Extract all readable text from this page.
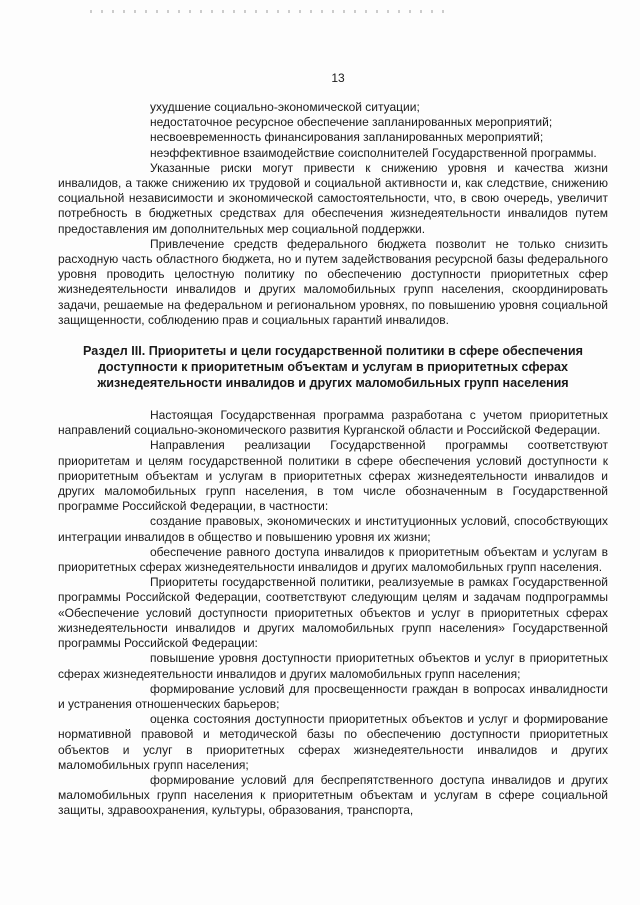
13

ухудшение социально-экономической ситуации;

недостаточное ресурсное обеспечение запланированных мероприятий;

несвоевременность финансирования запланированных мероприятий;

неэффективное взаимодействие соисполнителей Государственной программы.

Указанные риски могут привести к снижению уровня и качества жизни инвалидов, а также снижению их трудовой и социальной активности и, как следствие, снижению социальной независимости и экономической самостоятельности, что, в свою очередь, увеличит потребность в бюджетных средствах для обеспечения жизнедеятельности инвалидов путем предоставления им дополнительных мер социальной поддержки.

Привлечение средств федерального бюджета позволит не только снизить расходную часть областного бюджета, но и путем задействования ресурсной базы федерального уровня проводить целостную политику по обеспечению доступности приоритетных сфер жизнедеятельности инвалидов и других маломобильных групп населения, скоординировать задачи, решаемые на федеральном и региональном уровнях, по повышению уровня социальной защищенности, соблюдению прав и социальных гарантий инвалидов.

Раздел III. Приоритеты и цели государственной политики в сфере обеспечения доступности к приоритетным объектам и услугам в приоритетных сферах жизнедеятельности инвалидов и других маломобильных групп населения

Настоящая Государственная программа разработана с учетом приоритетных направлений социально-экономического развития Курганской области и Российской Федерации.

Направления реализации Государственной программы соответствуют приоритетам и целям государственной политики в сфере обеспечения условий доступности к приоритетным объектам и услугам в приоритетных сферах жизнедеятельности инвалидов и других маломобильных групп населения, в том числе обозначенным в Государственной программе Российской Федерации, в частности:

создание правовых, экономических и институционных условий, способствующих интеграции инвалидов в общество и повышению уровня их жизни;

обеспечение равного доступа инвалидов к приоритетным объектам и услугам в приоритетных сферах жизнедеятельности инвалидов и других маломобильных групп населения.

Приоритеты государственной политики, реализуемые в рамках Государственной программы Российской Федерации, соответствуют следующим целям и задачам подпрограммы «Обеспечение условий доступности приоритетных объектов и услуг в приоритетных сферах жизнедеятельности инвалидов и других маломобильных групп населения» Государственной программы Российской Федерации:

повышение уровня доступности приоритетных объектов и услуг в приоритетных сферах жизнедеятельности инвалидов и других маломобильных групп населения;

формирование условий для просвещенности граждан в вопросах инвалидности и устранения отношенческих барьеров;

оценка состояния доступности приоритетных объектов и услуг и формирование нормативной правовой и методической базы по обеспечению доступности приоритетных объектов и услуг в приоритетных сферах жизнедеятельности инвалидов и других маломобильных групп населения;

формирование условий для беспрепятственного доступа инвалидов и других маломобильных групп населения к приоритетным объектам и услугам в сфере социальной защиты, здравоохранения, культуры, образования, транспорта,
